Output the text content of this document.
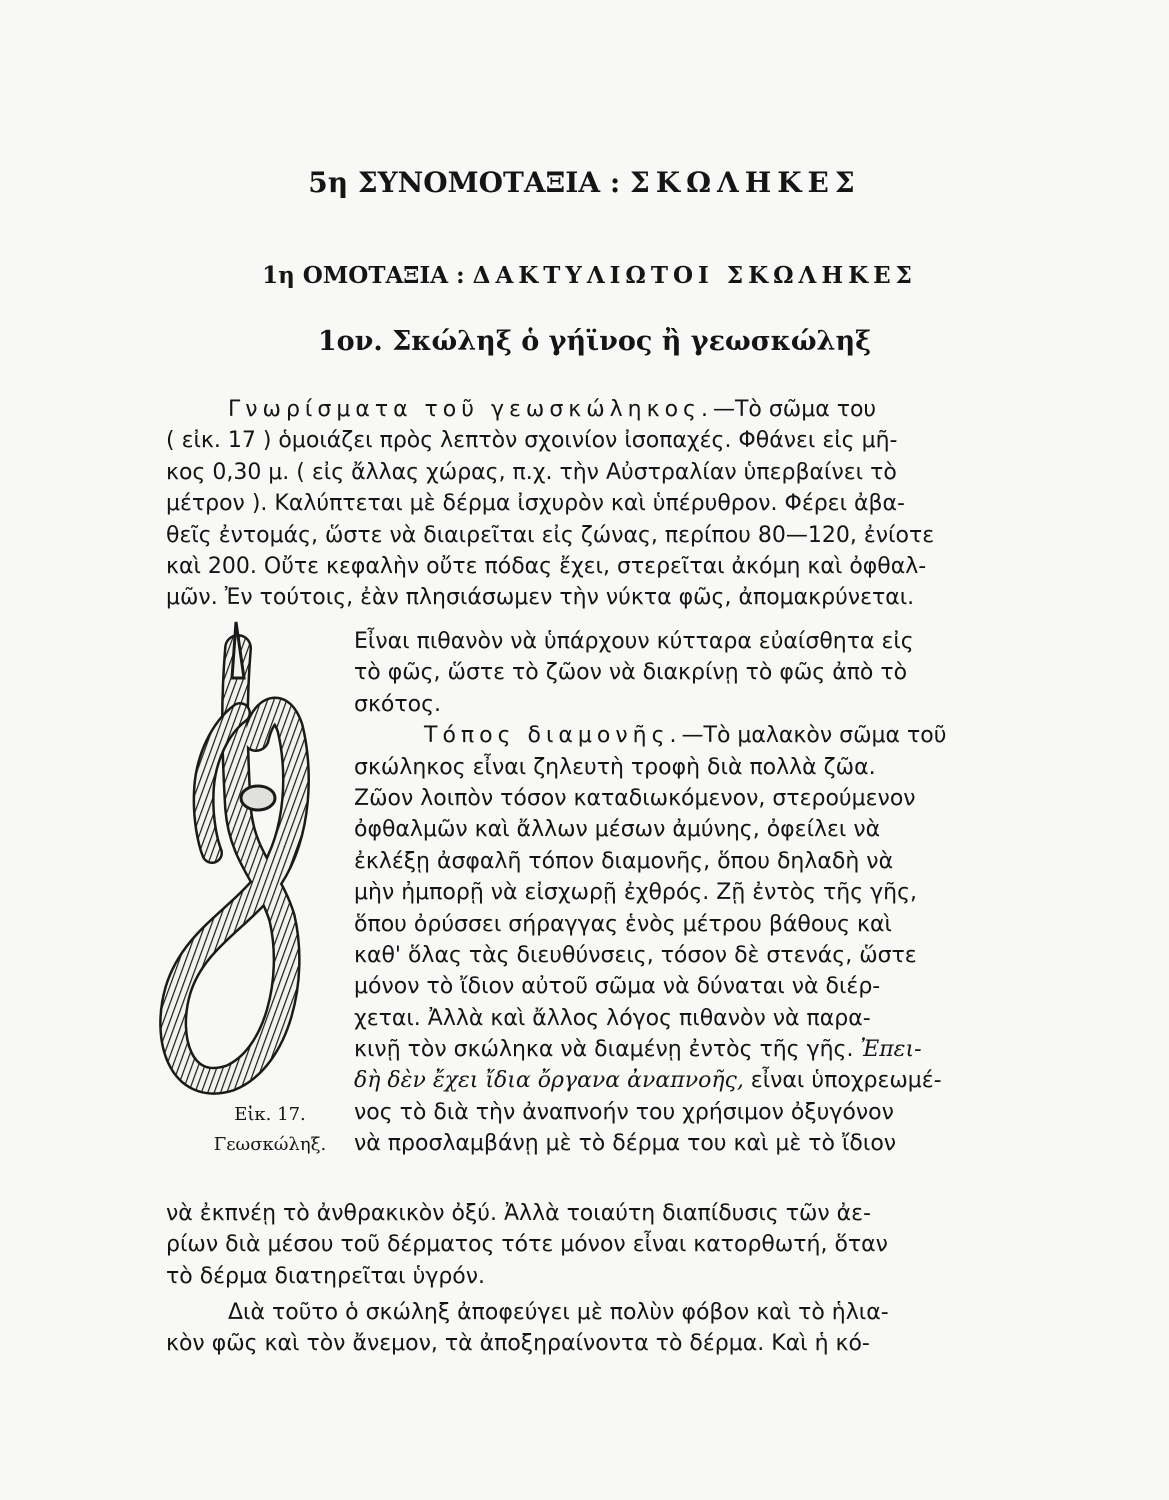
5η ΣΥΝΟΜΟΤΑΞΙΑ : ΣΚΩΛΗΚΕΣ
1η ΟΜΟΤΑΞΙΑ : ΔΑΚΤΥΛΙΩΤΟΙ ΣΚΩΛΗΚΕΣ
1ον. Σκώληξ ὁ γήϊνος ἢ γεωσκώληξ
Γνωρίσματα τοῦ γεωσκώληκος.—Τὸ σῶμα του
( εἰκ. 17 ) ὁμοιάζει πρὸς λεπτὸν σχοινίον ἰσοπαχές. Φθάνει εἰς μῆ-
κος 0,30 μ. ( εἰς ἄλλας χώρας, π.χ. τὴν Αὐστραλίαν ὑπερβαίνει τὸ
μέτρον ). Καλύπτεται μὲ δέρμα ἰσχυρὸν καὶ ὑπέρυθρον. Φέρει ἀβα-
θεῖς ἐντομάς, ὥστε νὰ διαιρεῖται εἰς ζώνας, περίπου 80—120, ἐνίοτε
καὶ 200. Οὔτε κεφαλὴν οὔτε πόδας ἔχει, στερεῖται ἀκόμη καὶ ὀφθαλ-
μῶν. Ἐν τούτοις, ἐὰν πλησιάσωμεν τὴν νύκτα φῶς, ἀπομακρύνεται.
Εἶναι πιθανὸν νὰ ὑπάρχουν κύτταρα εὐαίσθητα εἰς
τὸ φῶς, ὥστε τὸ ζῶον νὰ διακρίνῃ τὸ φῶς ἀπὸ τὸ
σκότος.
Τόπος διαμονῆς.—Τὸ μαλακὸν σῶμα τοῦ
σκώληκος εἶναι ζηλευτὴ τροφὴ διὰ πολλὰ ζῶα.
Ζῶον λοιπὸν τόσον καταδιωκόμενον, στερούμενον
ὀφθαλμῶν καὶ ἄλλων μέσων ἀμύνης, ὀφείλει νὰ
ἐκλέξῃ ἀσφαλῆ τόπον διαμονῆς, ὅπου δηλαδὴ νὰ
μὴν ἠμπορῇ νὰ εἰσχωρῇ ἐχθρός. Ζῇ ἐντὸς τῆς γῆς,
ὅπου ὀρύσσει σήραγγας ἑνὸς μέτρου βάθους καὶ
καθ' ὅλας τὰς διευθύνσεις, τόσον δὲ στενάς, ὥστε
μόνον τὸ ἴδιον αὐτοῦ σῶμα νὰ δύναται νὰ διέρ-
χεται. Ἀλλὰ καὶ ἄλλος λόγος πιθανὸν νὰ παρα-
κινῇ τὸν σκώληκα νὰ διαμένῃ ἐντὸς τῆς γῆς. Ἐπει-
δὴ δὲν ἔχει ἴδια ὄργανα ἀναπνοῆς, εἶναι ὑποχρεωμέ-
νος τὸ διὰ τὴν ἀναπνοήν του χρήσιμον ὀξυγόνον
νὰ προσλαμβάνῃ μὲ τὸ δέρμα του καὶ μὲ τὸ ἴδιον
νὰ ἐκπνέῃ τὸ ἀνθρακικὸν ὀξύ. Ἀλλὰ τοιαύτη διαπίδυσις τῶν ἀε-
ρίων διὰ μέσου τοῦ δέρματος τότε μόνον εἶναι κατορθωτή, ὅταν
τὸ δέρμα διατηρεῖται ὑγρόν.
Διὰ τοῦτο ὁ σκώληξ ἀποφεύγει μὲ πολὺν φόβον καὶ τὸ ἡλια-
κὸν φῶς καὶ τὸν ἄνεμον, τὰ ἀποξηραίνοντα τὸ δέρμα. Καὶ ἡ κό-
Εἰκ. 17.
Γεωσκώληξ.
